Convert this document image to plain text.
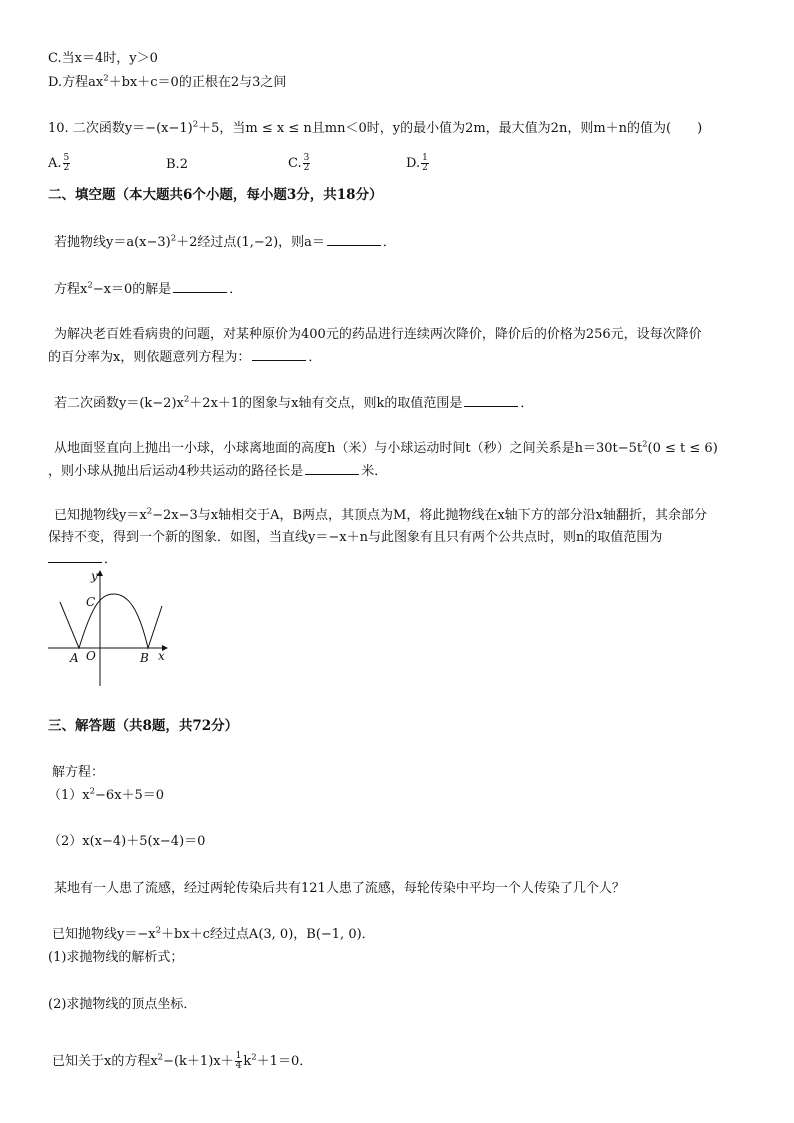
C.当x＝4时，y＞0
D.方程$ax^2+bx+c=0$的正根在2与3之间
10. 二次函数$y=-(x-1)^2+5$，当m ≤ x ≤ n且mn＜0时，y的最小值为2m，最大值为2n，则m＋n的值为(　　)
A. $\frac{5}{2}$	B.2	C. $\frac{3}{2}$	D. $\frac{1}{2}$
二、填空题（本大题共6个小题，每小题3分，共18分）
若抛物线$y=a(x-3)^2+2$经过点(1,−2)，则a＝	．
方程$x^2-x=0$的解是	．
为解决老百姓看病贵的问题，对某种原价为400元的药品进行连续两次降价，降价后的价格为256元，设每次降价
的百分率为x，则依题意列方程为：	．
若二次函数$y=(k-2)x^2+2x+1$的图象与x轴有交点，则k的取值范围是	．
从地面竖直向上抛出一小球，小球离地面的高度h（米）与小球运动时间t（秒）之间关系是$h=30t-5t^2(0 \le t \le 6)$
，则小球从抛出后运动4秒共运动的路径长是	米．
已知抛物线$y=x^2-2x-3$与x轴相交于A，B两点，其顶点为M，将此抛物线在x轴下方的部分沿x轴翻折，其余部分
保持不变，得到一个新的图象．如图，当直线y＝−x＋n与此图象有且只有两个公共点时，则n的取值范围为
．
y
C
A O	B x
三、解答题（共8题，共72分）
解方程：
$(1)x^2-6x+5=0$
（2）x(x−4)＋5(x−4)＝0
某地有一人患了流感，经过两轮传染后共有121人患了流感，每轮传染中平均一个人传染了几个人？
已知抛物线$y=-x^2+bx+c$经过点A(3, 0)，B(−1, 0)．
(1)求抛物线的解析式；
(2)求抛物线的顶点坐标．
已知关于x的方程$x^2-(k+1)x+ \frac{1}{4} k^2+1=0$．
